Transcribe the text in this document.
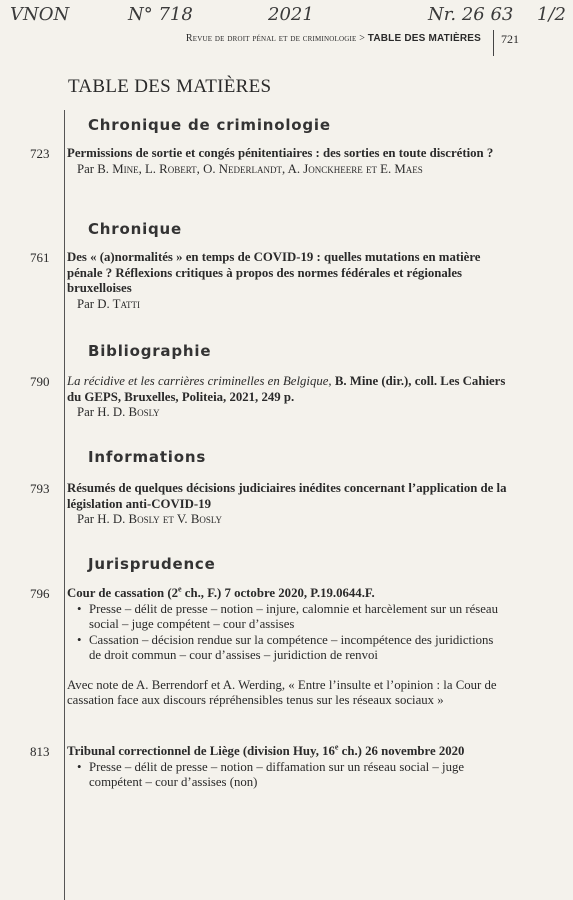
VNON	N° 718	2021	Nr. 26 63 1/2
Revue de droit pénal et de criminologie > TABLE DES MATIÈRES 721
TABLE DES MATIÈRES
Chronique de criminologie
723 Permissions de sortie et congés pénitentiaires : des sorties en toute discrétion ?
Par B. Mine, L. Robert, O. Nederlandt, A. Jonckheere et E. Maes
Chronique
761 Des « (a)normalités » en temps de COVID-19 : quelles mutations en matière pénale ? Réflexions critiques à propos des normes fédérales et régionales bruxelloises
Par D. Tatti
Bibliographie
790 La récidive et les carrières criminelles en Belgique, B. Mine (dir.), coll. Les Cahiers du GEPS, Bruxelles, Politeia, 2021, 249 p.
Par H. D. Bosly
Informations
793 Résumés de quelques décisions judiciaires inédites concernant l’application de la législation anti-COVID-19
Par H. D. Bosly et V. Bosly
Jurisprudence
796 Cour de cassation (2e ch., F.) 7 octobre 2020, P.19.0644.F.
• Presse – délit de presse – notion – injure, calomnie et harcèlement sur un réseau social – juge compétent – cour d’assises
• Cassation – décision rendue sur la compétence – incompétence des juridictions de droit commun – cour d’assises – juridiction de renvoi
Avec note de A. Berrendorf et A. Werding, « Entre l’insulte et l’opinion : la Cour de cassation face aux discours répréhensibles tenus sur les réseaux sociaux »
813 Tribunal correctionnel de Liège (division Huy, 16e ch.) 26 novembre 2020
• Presse – délit de presse – notion – diffamation sur un réseau social – juge compétent – cour d’assises (non)
